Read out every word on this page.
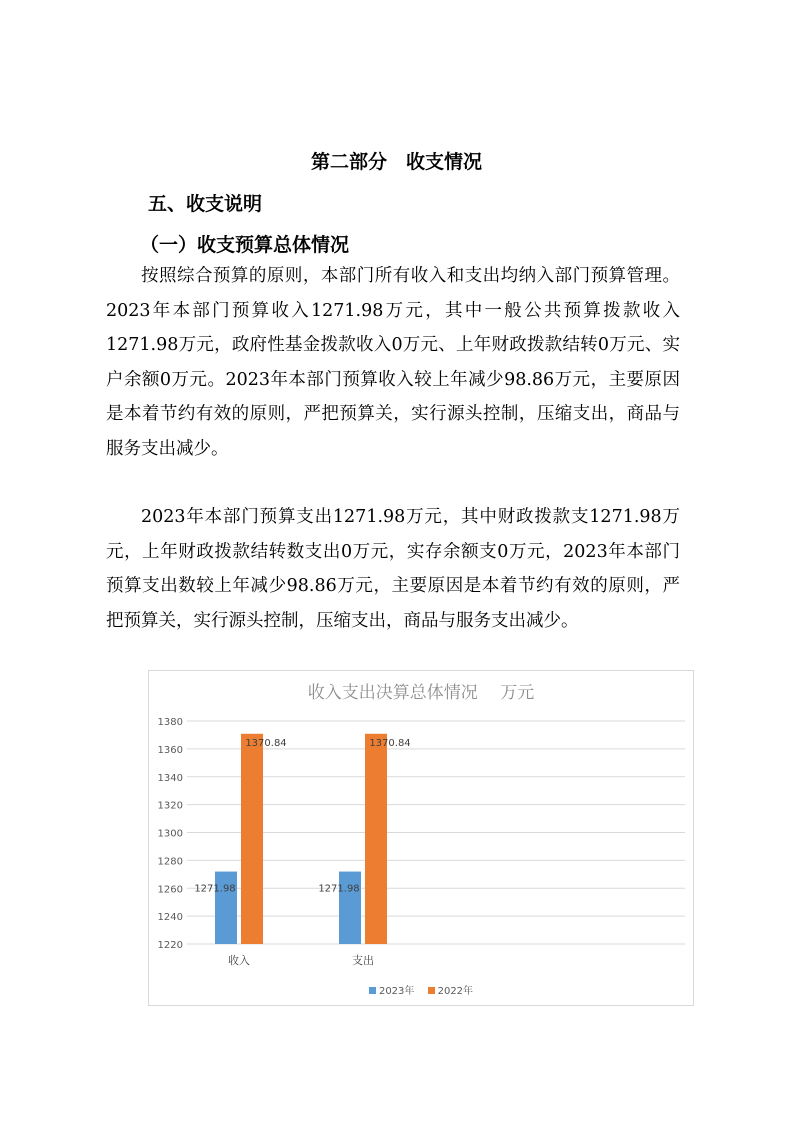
第二部分　收支情况
五、收支说明
（一）收支预算总体情况

按照综合预算的原则，本部门所有收入和支出均纳入部门预算管理。2023年本部门预算收入1271.98万元，其中一般公共预算拨款收入1271.98万元，政府性基金拨款收入0万元、上年财政拨款结转0万元、实户余额0万元。2023年本部门预算收入较上年减少98.86万元，主要原因是本着节约有效的原则，严把预算关，实行源头控制，压缩支出，商品与服务支出减少。

2023年本部门预算支出1271.98万元，其中财政拨款支1271.98万元，上年财政拨款结转数支出0万元，实存余额支0万元，2023年本部门预算支出数较上年减少98.86万元，主要原因是本着节约有效的原则，严把预算关，实行源头控制，压缩支出，商品与服务支出减少。

收入支出决算总体情况　 万元
1220
1240
1260
1280
1300
1320
1340
1360
1380
1271.98
1370.84
收入
1271.98
1370.84
支出
2023年 2022年
